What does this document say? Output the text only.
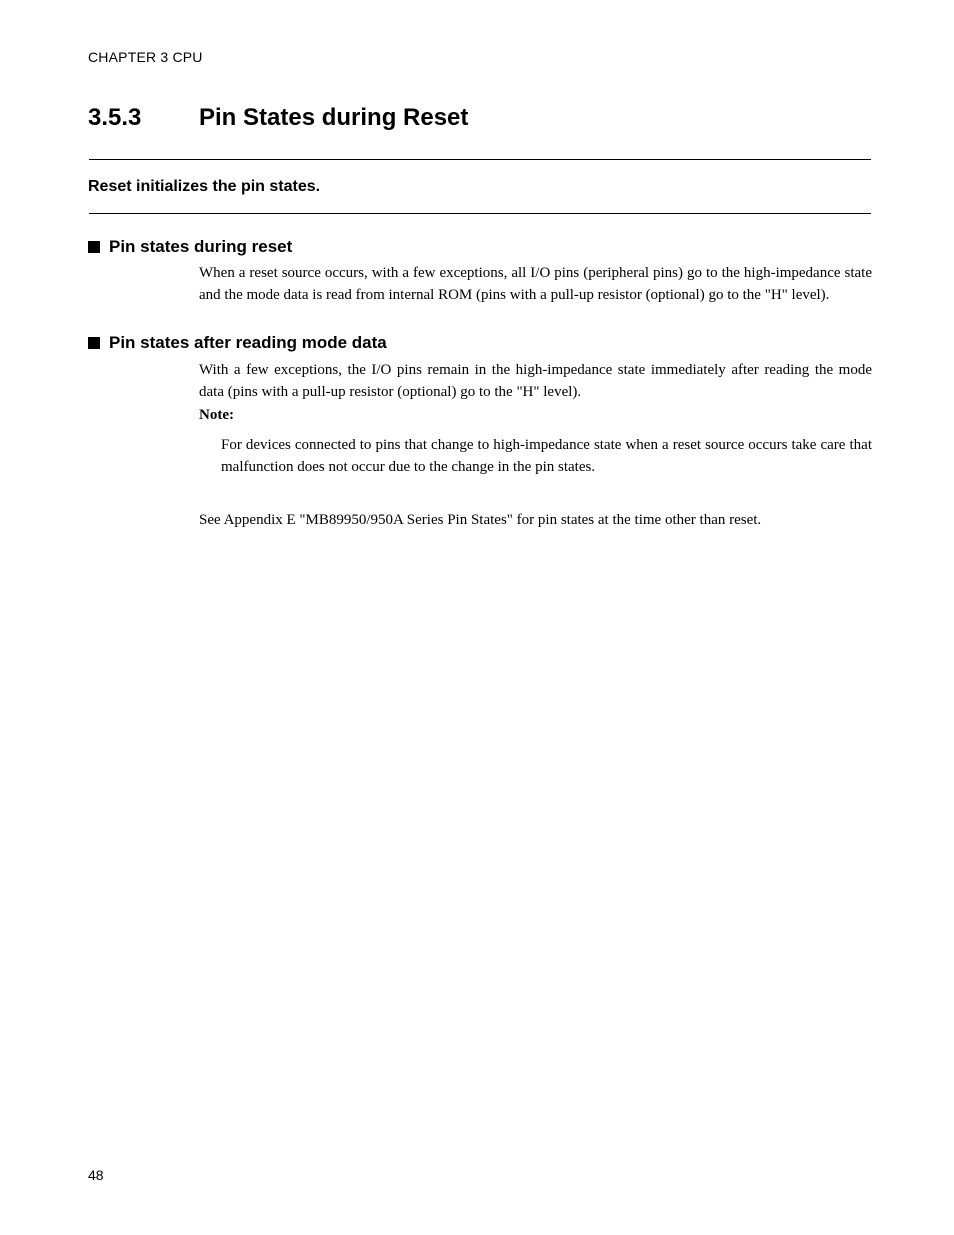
CHAPTER 3 CPU
3.5.3 Pin States during Reset
Reset initializes the pin states.
Pin states during reset
When a reset source occurs, with a few exceptions, all I/O pins (peripheral pins) go to the high-impedance state and the mode data is read from internal ROM (pins with a pull-up resistor (optional) go to the "H" level).
Pin states after reading mode data
With a few exceptions, the I/O pins remain in the high-impedance state immediately after reading the mode data (pins with a pull-up resistor (optional) go to the "H" level).
Note:
For devices connected to pins that change to high-impedance state when a reset source occurs take care that malfunction does not occur due to the change in the pin states.
See Appendix E "MB89950/950A Series Pin States" for pin states at the time other than reset.
48
